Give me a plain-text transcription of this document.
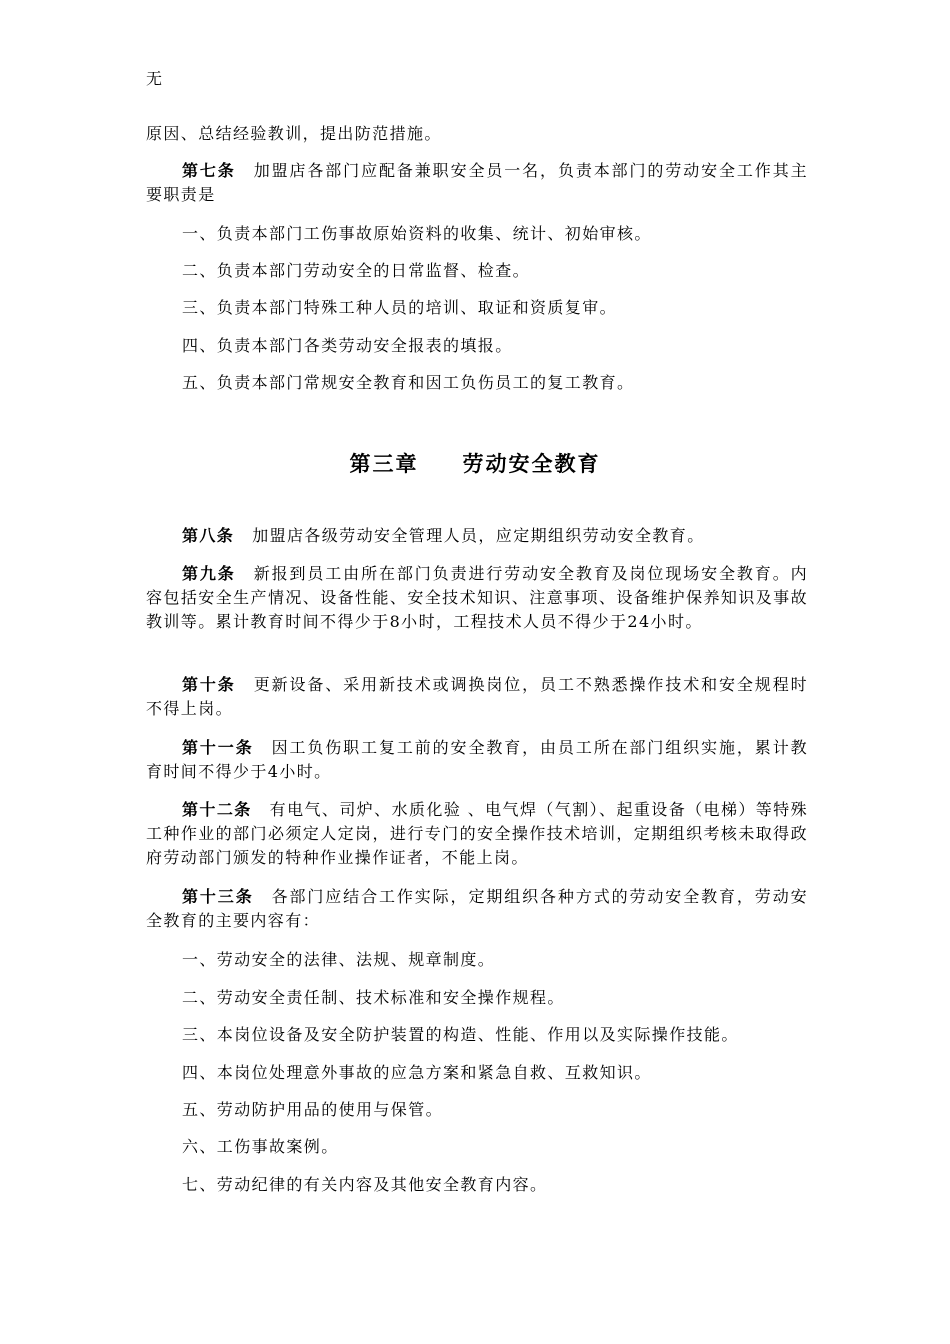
无

原因、总结经验教训，提出防范措施。

第七条 加盟店各部门应配备兼职安全员一名，负责本部门的劳动安全工作其主要职责是

一、负责本部门工伤事故原始资料的收集、统计、初始审核。

二、负责本部门劳动安全的日常监督、检查。

三、负责本部门特殊工种人员的培训、取证和资质复审。

四、负责本部门各类劳动安全报表的填报。

五、负责本部门常规安全教育和因工负伤员工的复工教育。

第三章 劳动安全教育

第八条 加盟店各级劳动安全管理人员，应定期组织劳动安全教育。

第九条 新报到员工由所在部门负责进行劳动安全教育及岗位现场安全教育。内容包括安全生产情况、设备性能、安全技术知识、注意事项、设备维护保养知识及事故教训等。累计教育时间不得少于8小时，工程技术人员不得少于24小时。

第十条 更新设备、采用新技术或调换岗位，员工不熟悉操作技术和安全规程时不得上岗。

第十一条 因工负伤职工复工前的安全教育，由员工所在部门组织实施，累计教育时间不得少于4小时。

第十二条 有电气、司炉、水质化验 、电气焊（气割）、起重设备（电梯）等特殊工种作业的部门必须定人定岗，进行专门的安全操作技术培训，定期组织考核未取得政府劳动部门颁发的特种作业操作证者，不能上岗。

第十三条 各部门应结合工作实际，定期组织各种方式的劳动安全教育，劳动安全教育的主要内容有：

一、劳动安全的法律、法规、规章制度。

二、劳动安全责任制、技术标准和安全操作规程。

三、本岗位设备及安全防护装置的构造、性能、作用以及实际操作技能。

四、本岗位处理意外事故的应急方案和紧急自救、互救知识。

五、劳动防护用品的使用与保管。

六、工伤事故案例。

七、劳动纪律的有关内容及其他安全教育内容。
